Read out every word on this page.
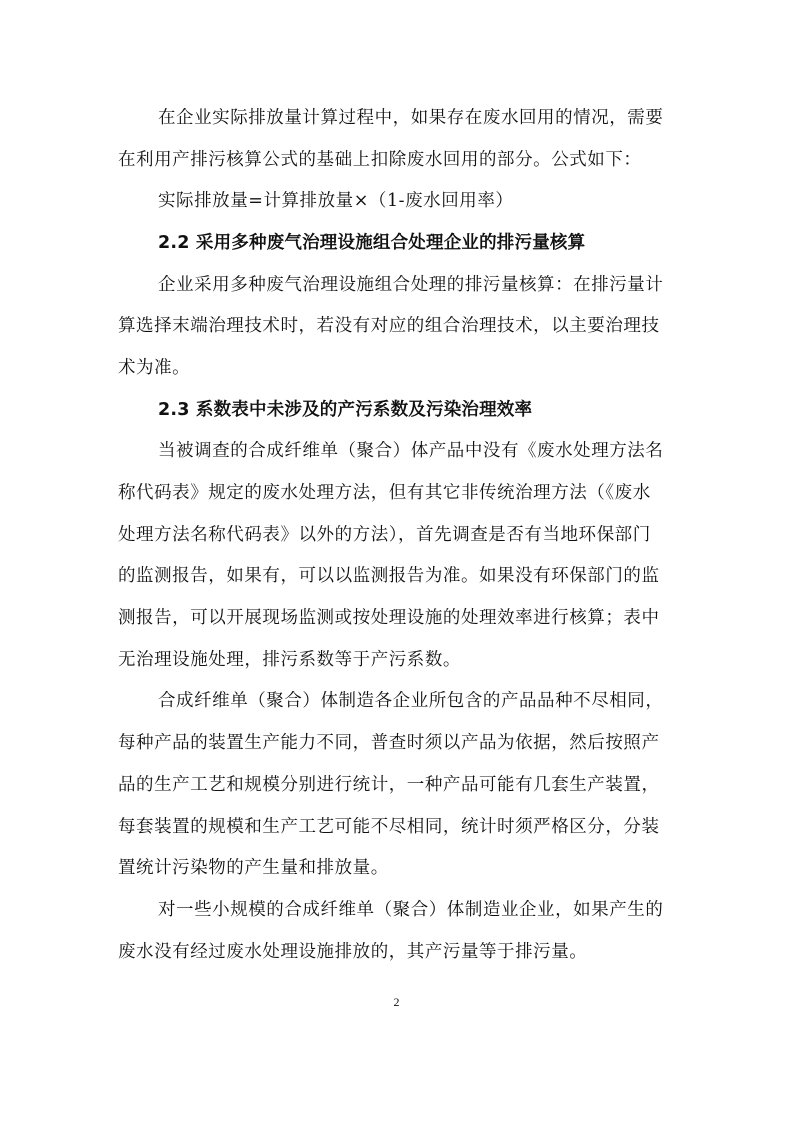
在企业实际排放量计算过程中，如果存在废水回用的情况，需要
在利用产排污核算公式的基础上扣除废水回用的部分。公式如下：
实际排放量=计算排放量×（1-废水回用率）
2.2 采用多种废气治理设施组合处理企业的排污量核算
企业采用多种废气治理设施组合处理的排污量核算：在排污量计
算选择末端治理技术时，若没有对应的组合治理技术，以主要治理技
术为准。
2.3 系数表中未涉及的产污系数及污染治理效率
当被调查的合成纤维单（聚合）体产品中没有《废水处理方法名
称代码表》规定的废水处理方法，但有其它非传统治理方法（《废水
处理方法名称代码表》以外的方法），首先调查是否有当地环保部门
的监测报告，如果有，可以以监测报告为准。如果没有环保部门的监
测报告，可以开展现场监测或按处理设施的处理效率进行核算；表中
无治理设施处理，排污系数等于产污系数。
合成纤维单（聚合）体制造各企业所包含的产品品种不尽相同，
每种产品的装置生产能力不同，普查时须以产品为依据，然后按照产
品的生产工艺和规模分别进行统计，一种产品可能有几套生产装置，
每套装置的规模和生产工艺可能不尽相同，统计时须严格区分，分装
置统计污染物的产生量和排放量。
对一些小规模的合成纤维单（聚合）体制造业企业，如果产生的
废水没有经过废水处理设施排放的，其产污量等于排污量。
2
